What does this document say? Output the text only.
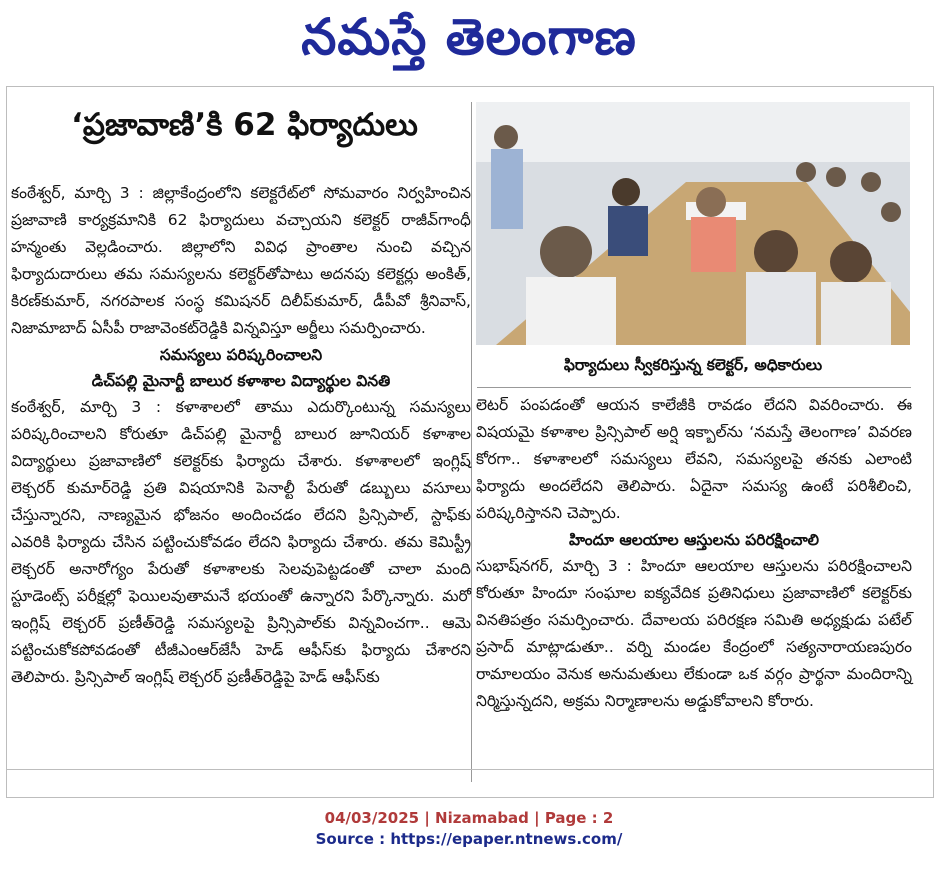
నమస్తే తెలంగాణ
‘ప్రజావాణి’కి 62 ఫిర్యాదులు

కంఠేశ్వర్‌, మార్చి 3 : జిల్లాకేంద్రంలోని కలెక్టరేట్‌లో సోమవారం నిర్వహించిన ప్రజావాణి కార్యక్రమానికి 62 ఫిర్యాదులు వచ్చాయని కలెక్టర్‌ రాజీవ్‌గాంధీ హన్మంతు వెల్లడించారు. జిల్లాలోని వివిధ ప్రాంతాల నుంచి వచ్చిన ఫిర్యాదుదారులు తమ సమస్యలను కలెక్టర్‌తోపాటు అదనపు కలెక్టర్లు అంకిత్‌, కిరణ్‌కుమార్‌, నగరపాలక సంస్థ కమిషనర్‌ దిలీప్‌కుమార్‌, డీపీవో శ్రీనివాస్‌, నిజామాబాద్‌ ఏసీపీ రాజావెంకట్‌రెడ్డికి విన్నవిస్తూ అర్జీలు సమర్పించారు.

సమస్యలు పరిష్కరించాలని

డిచ్‌పల్లి మైనార్టీ బాలుర కళాశాల విద్యార్థుల వినతి

కంఠేశ్వర్‌, మార్చి 3 : కళాశాలలో తాము ఎదుర్కొంటున్న సమస్యలు పరిష్కరించాలని కోరుతూ డిచ్‌పల్లి మైనార్టీ బాలుర జూనియర్‌ కళాశాల విద్యార్థులు ప్రజావాణిలో కలెక్టర్‌కు ఫిర్యాదు చేశారు. కళాశాలలో ఇంగ్లిష్‌ లెక్చరర్‌ కుమార్‌రెడ్డి ప్రతి విషయానికి పెనాల్టీ పేరుతో డబ్బులు వసూలు చేస్తున్నారని, నాణ్యమైన భోజనం అందించడం లేదని ప్రిన్సిపాల్‌, స్టాఫ్‌కు ఎవరికి ఫిర్యాదు చేసిన పట్టించుకోవడం లేదని ఫిర్యాదు చేశారు. తమ కెమిస్ట్రీ లెక్చరర్‌ అనారోగ్యం పేరుతో కళాశాలకు సెలవుపెట్టడంతో చాలా మంది స్టూడెంట్స్‌ పరీక్షల్లో ఫెయిలవుతామనే భయంతో ఉన్నారని పేర్కొన్నారు. మరో ఇంగ్లిష్‌ లెక్చరర్‌ ప్రణీత్‌రెడ్డి సమస్యలపై ప్రిన్సిపాల్‌కు విన్నవించగా.. ఆమె పట్టించుకోకపోవడంతో టీజీఎంఆర్‌జేసీ హెడ్‌ ఆఫీస్‌కు ఫిర్యాదు చేశారని తెలిపారు. ప్రిన్సిపాల్‌ ఇంగ్లిష్‌ లెక్చరర్‌ ప్రణీత్‌రెడ్డిపై హెడ్‌ ఆఫీస్‌కు

ఫిర్యాదులు స్వీకరిస్తున్న కలెక్టర్‌, అధికారులు

లెటర్‌ పంపడంతో ఆయన కాలేజీకి రావడం లేదని వివరించారు. ఈ విషయమై కళాశాల ప్రిన్సిపాల్‌ అర్షి ఇక్బాల్‌ను ‘నమస్తే తెలంగాణ’ వివరణ కోరగా.. కళాశాలలో సమస్యలు లేవని, సమస్యలపై తనకు ఎలాంటి ఫిర్యాదు అందలేదని తెలిపారు. ఏదైనా సమస్య ఉంటే పరిశీలించి, పరిష్కరిస్తానని చెప్పారు.

హిందూ ఆలయాల ఆస్తులను పరిరక్షించాలి

సుభాష్‌నగర్‌, మార్చి 3 : హిందూ ఆలయాల ఆస్తులను పరిరక్షించాలని కోరుతూ హిందూ సంఘాల ఐక్యవేదిక ప్రతినిధులు ప్రజావాణిలో కలెక్టర్‌కు వినతిపత్రం సమర్పించారు. దేవాలయ పరిరక్షణ సమితి అధ్యక్షుడు పటేల్‌ ప్రసాద్‌ మాట్లాడుతూ.. వర్ని మండల కేంద్రంలో సత్యనారాయణపురం రామాలయం వెనుక అనుమతులు లేకుండా ఒక వర్గం ప్రార్థనా మందిరాన్ని నిర్మిస్తున్నదని, అక్రమ నిర్మాణాలను అడ్డుకోవాలని కోరారు.

04/03/2025 | Nizamabad | Page : 2
Source : https://epaper.ntnews.com/
